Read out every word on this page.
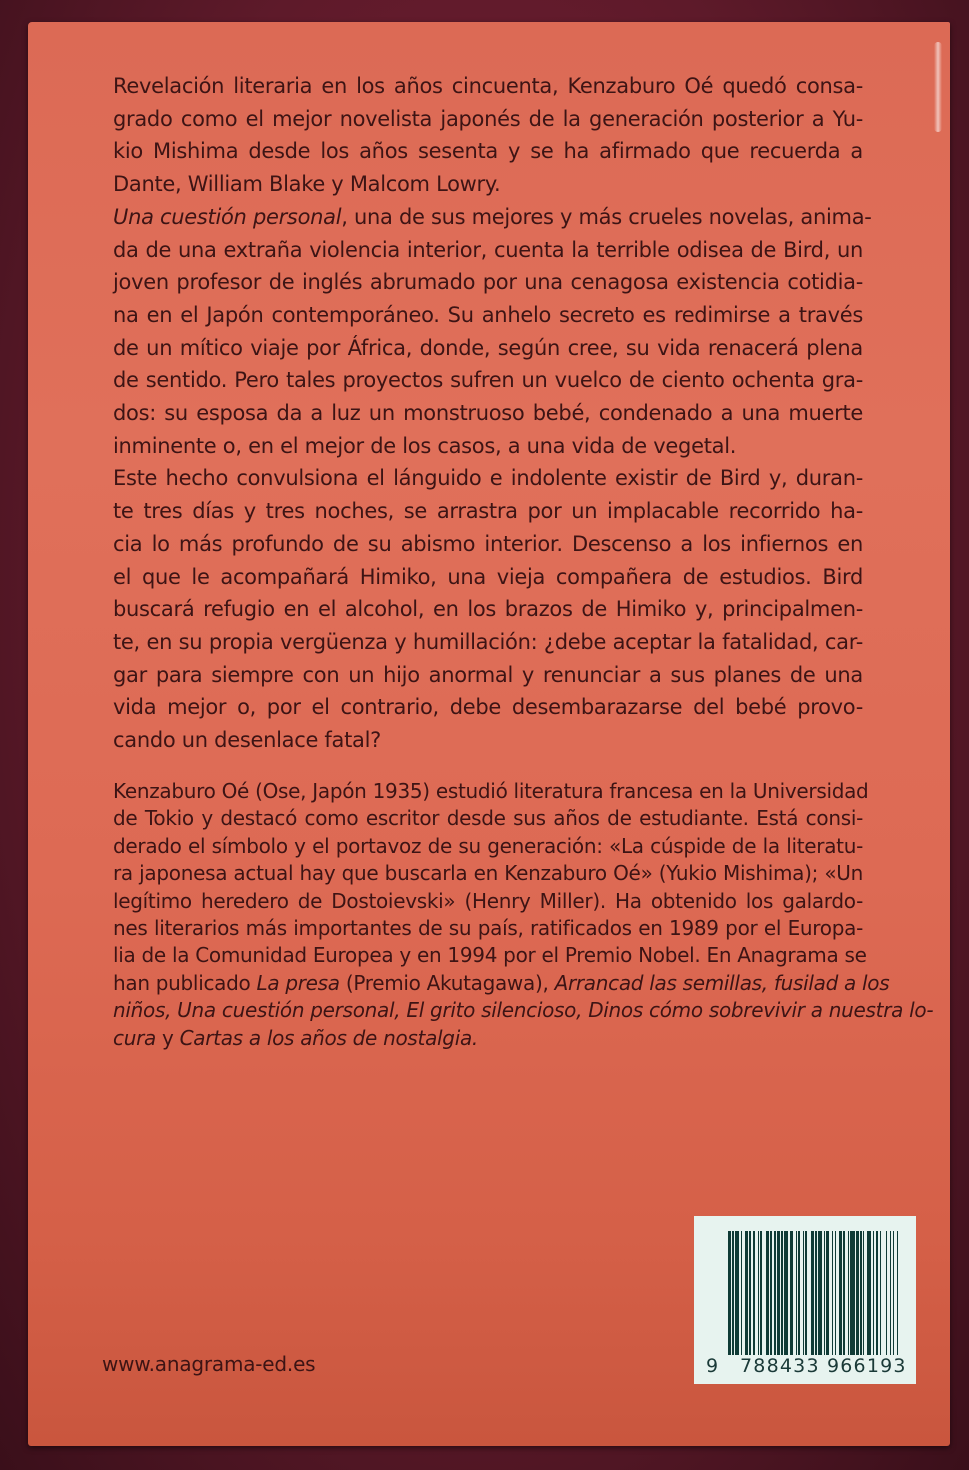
Revelación literaria en los años cincuenta, Kenzaburo Oé quedó consa-
grado como el mejor novelista japonés de la generación posterior a Yu-
kio Mishima desde los años sesenta y se ha afirmado que recuerda a
Dante, William Blake y Malcom Lowry.
Una cuestión personal, una de sus mejores y más crueles novelas, anima-
da de una extraña violencia interior, cuenta la terrible odisea de Bird, un
joven profesor de inglés abrumado por una cenagosa existencia cotidia-
na en el Japón contemporáneo. Su anhelo secreto es redimirse a través
de un mítico viaje por África, donde, según cree, su vida renacerá plena
de sentido. Pero tales proyectos sufren un vuelco de ciento ochenta gra-
dos: su esposa da a luz un monstruoso bebé, condenado a una muerte
inminente o, en el mejor de los casos, a una vida de vegetal.
Este hecho convulsiona el lánguido e indolente existir de Bird y, duran-
te tres días y tres noches, se arrastra por un implacable recorrido ha-
cia lo más profundo de su abismo interior. Descenso a los infiernos en
el que le acompañará Himiko, una vieja compañera de estudios. Bird
buscará refugio en el alcohol, en los brazos de Himiko y, principalmen-
te, en su propia vergüenza y humillación: ¿debe aceptar la fatalidad, car-
gar para siempre con un hijo anormal y renunciar a sus planes de una
vida mejor o, por el contrario, debe desembarazarse del bebé provo-
cando un desenlace fatal?
Kenzaburo Oé (Ose, Japón 1935) estudió literatura francesa en la Universidad
de Tokio y destacó como escritor desde sus años de estudiante. Está consi-
derado el símbolo y el portavoz de su generación: «La cúspide de la literatu-
ra japonesa actual hay que buscarla en Kenzaburo Oé» (Yukio Mishima); «Un
legítimo heredero de Dostoievski» (Henry Miller). Ha obtenido los galardo-
nes literarios más importantes de su país, ratificados en 1989 por el Europa-
lia de la Comunidad Europea y en 1994 por el Premio Nobel. En Anagrama se
han publicado La presa (Premio Akutagawa), Arrancad las semillas, fusilad a los
niños, Una cuestión personal, El grito silencioso, Dinos cómo sobrevivir a nuestra lo-
cura y Cartas a los años de nostalgia.
www.anagrama-ed.es	9 788433 966193
